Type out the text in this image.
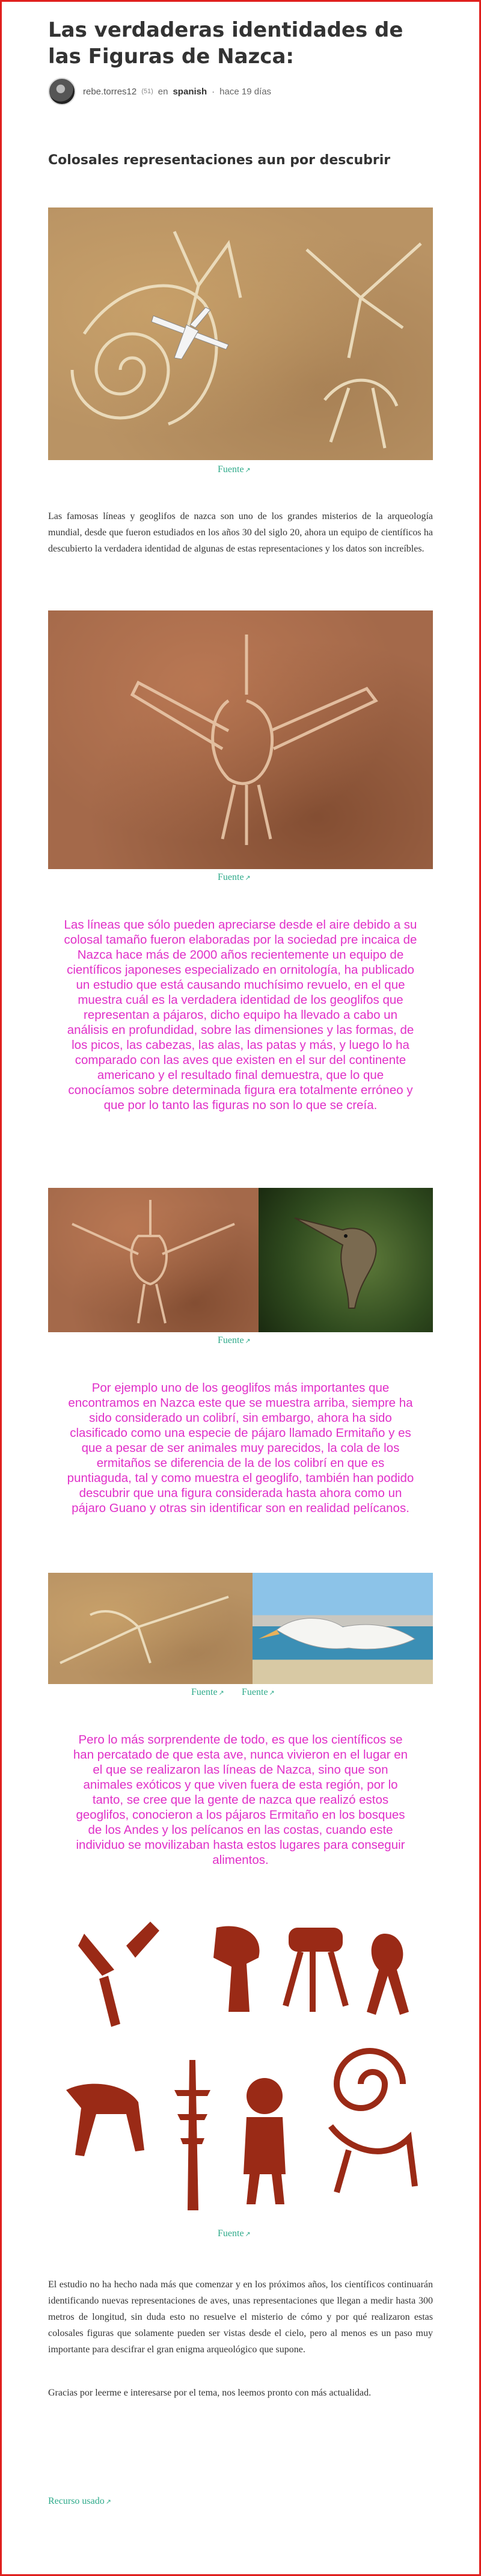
Las verdaderas identidades de las Figuras de Nazca:
rebe.torres12 (51) en spanish · hace 19 días
Colosales representaciones aun por descubrir
Fuente ↗

Las famosas líneas y geoglifos de nazca son uno de los grandes misterios de la arqueología mundial, desde que fueron estudiados en los años 30 del siglo 20, ahora un equipo de científicos ha descubierto la verdadera identidad de algunas de estas representaciones y los datos son increíbles.

Fuente ↗

Las líneas que sólo pueden apreciarse desde el aire debido a su colosal tamaño fueron elaboradas por la sociedad pre incaica de Nazca hace más de 2000 años recientemente un equipo de científicos japoneses especializado en ornitología, ha publicado un estudio que está causando muchísimo revuelo, en el que muestra cuál es la verdadera identidad de los geoglifos que representan a pájaros, dicho equipo ha llevado a cabo un análisis en profundidad, sobre las dimensiones y las formas, de los picos, las cabezas, las alas, las patas y más, y luego lo ha comparado con las aves que existen en el sur del continente americano y el resultado final demuestra, que lo que conocíamos sobre determinada figura era totalmente erróneo y que por lo tanto las figuras no son lo que se creía.

Fuente ↗

Por ejemplo uno de los geoglifos más importantes que encontramos en Nazca este que se muestra arriba, siempre ha sido considerado un colibrí, sin embargo, ahora ha sido clasificado como una especie de pájaro llamado Ermitaño y es que a pesar de ser animales muy parecidos, la cola de los ermitaños se diferencia de la de los colibrí en que es puntiaguda, tal y como muestra el geoglifo, también han podido descubrir que una figura considerada hasta ahora como un pájaro Guano y otras sin identificar son en realidad pelícanos.

Fuente ↗ Fuente ↗

Pero lo más sorprendente de todo, es que los científicos se han percatado de que esta ave, nunca vivieron en el lugar en el que se realizaron las líneas de Nazca, sino que son animales exóticos y que viven fuera de esta región, por lo tanto, se cree que la gente de nazca que realizó estos geoglifos, conocieron a los pájaros Ermitaño en los bosques de los Andes y los pelícanos en las costas, cuando este individuo se movilizaban hasta estos lugares para conseguir alimentos.

Fuente ↗

El estudio no ha hecho nada más que comenzar y en los próximos años, los científicos continuarán identificando nuevas representaciones de aves, unas representaciones que llegan a medir hasta 300 metros de longitud, sin duda esto no resuelve el misterio de cómo y por qué realizaron estas colosales figuras que solamente pueden ser vistas desde el cielo, pero al menos es un paso muy importante para descifrar el gran enigma arqueológico que supone.

Gracias por leerme e interesarse por el tema, nos leemos pronto con más actualidad.

Recurso usado ↗
